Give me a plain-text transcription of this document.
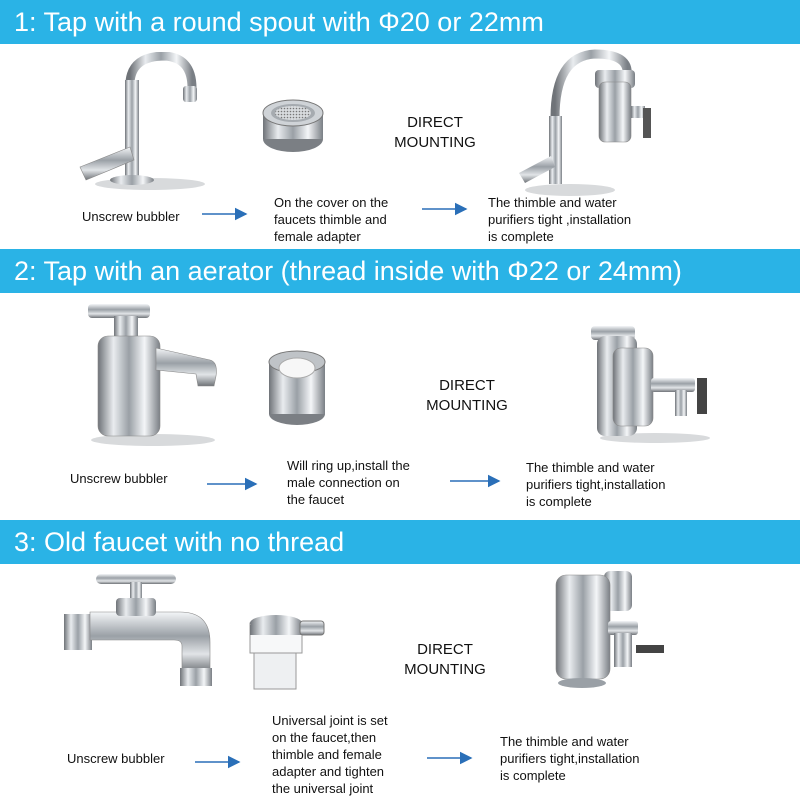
1: Tap with a round spout with Φ20 or 22mm
DIRECT
MOUNTING
Unscrew bubbler
On the cover on the
faucets thimble and
female adapter
The thimble and water
purifiers tight ,installation
is complete
2: Tap with an aerator (thread inside with Φ22 or 24mm)
DIRECT
MOUNTING
Unscrew bubbler
Will ring up,install the
male connection on
the faucet
The thimble and water
purifiers tight,installation
is complete
3: Old faucet with no thread
DIRECT
MOUNTING
Unscrew bubbler
Universal joint is set
on the faucet,then
thimble and female
adapter and tighten
the universal joint
The thimble and water
purifiers tight,installation
is complete
